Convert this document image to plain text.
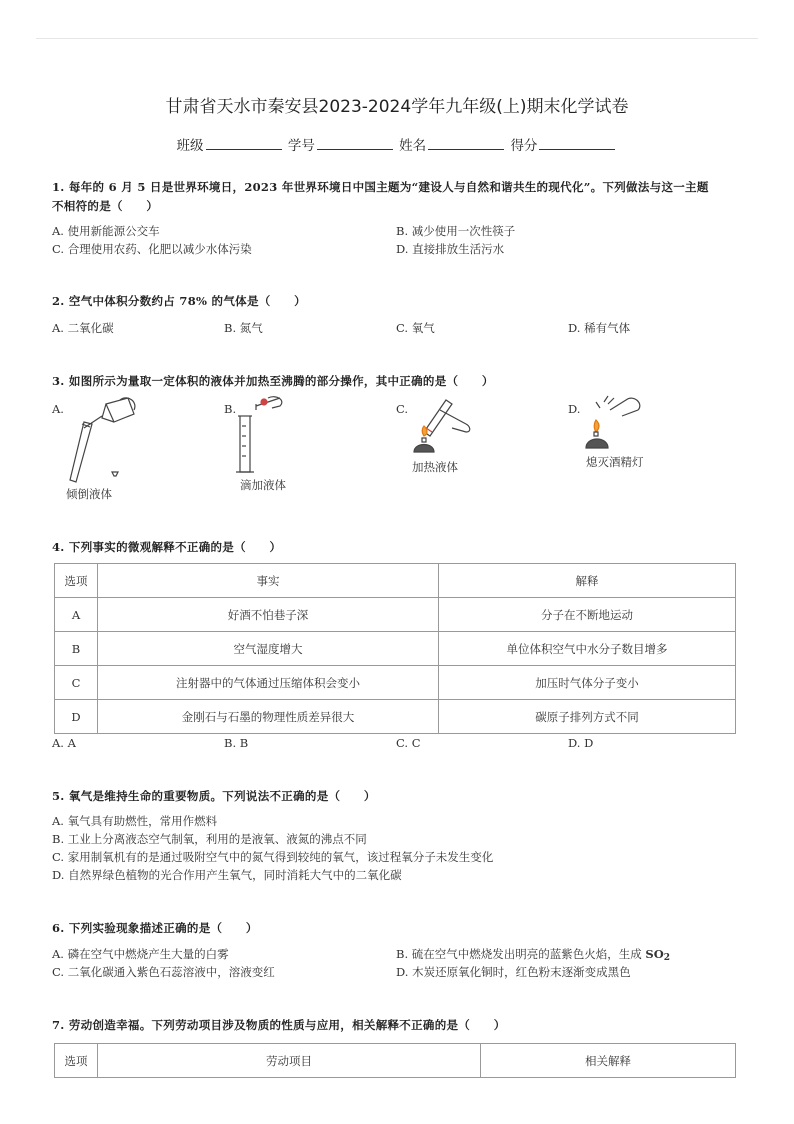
甘肃省天水市秦安县2023-2024学年九年级(上)期末化学试卷
班级	学号	姓名	得分
1. 每年的 6 月 5 日是世界环境日，2023 年世界环境日中国主题为“建设人与自然和谐共生的现代化”。下列做法与这一主题
不相符的是（　　）
A. 使用新能源公交车	B. 减少使用一次性筷子
C. 合理使用农药、化肥以减少水体污染	D. 直接排放生活污水
2. 空气中体积分数约占 78% 的气体是（　　）
A. 二氧化碳	B. 氮气	C. 氧气	D. 稀有气体
3. 如图所示为量取一定体积的液体并加热至沸腾的部分操作，其中正确的是（　　）
A.	B.	C.	D.
倾倒液体
滴加液体
加热液体	熄灭酒精灯
4. 下列事实的微观解释不正确的是（　　）
选项	事实	解释
A	好酒不怕巷子深	分子在不断地运动
B	空气湿度增大	单位体积空气中水分子数目增多
C	注射器中的气体通过压缩体积会变小	加压时气体分子变小
D	金刚石与石墨的物理性质差异很大	碳原子排列方式不同
A. A	B. B	C. C	D. D
5. 氧气是维持生命的重要物质。下列说法不正确的是（　　）
A. 氧气具有助燃性，常用作燃料
B. 工业上分离液态空气制氧，利用的是液氧、液氮的沸点不同
C. 家用制氧机有的是通过吸附空气中的氮气得到较纯的氧气，该过程氧分子未发生变化
D. 自然界绿色植物的光合作用产生氧气，同时消耗大气中的二氧化碳
6. 下列实验现象描述正确的是（　　）
A. 磷在空气中燃烧产生大量的白雾	B. 硫在空气中燃烧发出明亮的蓝紫色火焰，生成 $SO_2$
C. 二氧化碳通入紫色石蕊溶液中，溶液变红	D. 木炭还原氧化铜时，红色粉末逐渐变成黑色
7. 劳动创造幸福。下列劳动项目涉及物质的性质与应用，相关解释不正确的是（　　）
选项	劳动项目	相关解释
